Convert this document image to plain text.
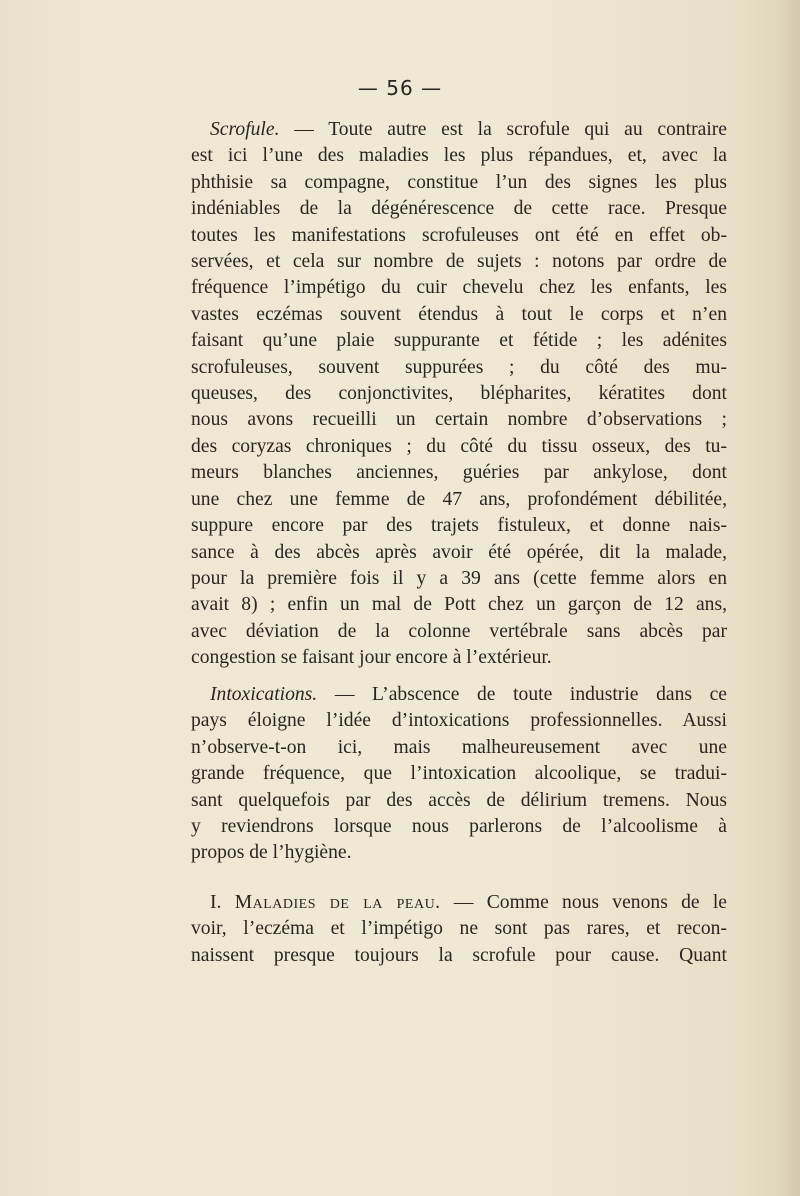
— 56 —
Scrofule. — Toute autre est la scrofule qui au contraire
est ici l’une des maladies les plus répandues, et, avec la
phthisie sa compagne, constitue l’un des signes les plus
indéniables de la dégénérescence de cette race. Presque
toutes les manifestations scrofuleuses ont été en effet ob-
servées, et cela sur nombre de sujets : notons par ordre de
fréquence l’impétigo du cuir chevelu chez les enfants, les
vastes eczémas souvent étendus à tout le corps et n’en
faisant qu’une plaie suppurante et fétide ; les adénites
scrofuleuses, souvent suppurées ; du côté des mu-
queuses, des conjonctivites, blépharites, kératites dont
nous avons recueilli un certain nombre d’observations ;
des coryzas chroniques ; du côté du tissu osseux, des tu-
meurs blanches anciennes, guéries par ankylose, dont
une chez une femme de 47 ans, profondément débilitée,
suppure encore par des trajets fistuleux, et donne nais-
sance à des abcès après avoir été opérée, dit la malade,
pour la première fois il y a 39 ans (cette femme alors en
avait 8) ; enfin un mal de Pott chez un garçon de 12 ans,
avec déviation de la colonne vertébrale sans abcès par
congestion se faisant jour encore à l’extérieur.
Intoxications. — L’abscence de toute industrie dans ce
pays éloigne l’idée d’intoxications professionnelles. Aussi
n’observe-t-on ici, mais malheureusement avec une
grande fréquence, que l’intoxication alcoolique, se tradui-
sant quelquefois par des accès de délirium tremens. Nous
y reviendrons lorsque nous parlerons de l’alcoolisme à
propos de l’hygiène.
I. Maladies de la peau. — Comme nous venons de le
voir, l’eczéma et l’impétigo ne sont pas rares, et recon-
naissent presque toujours la scrofule pour cause. Quant
